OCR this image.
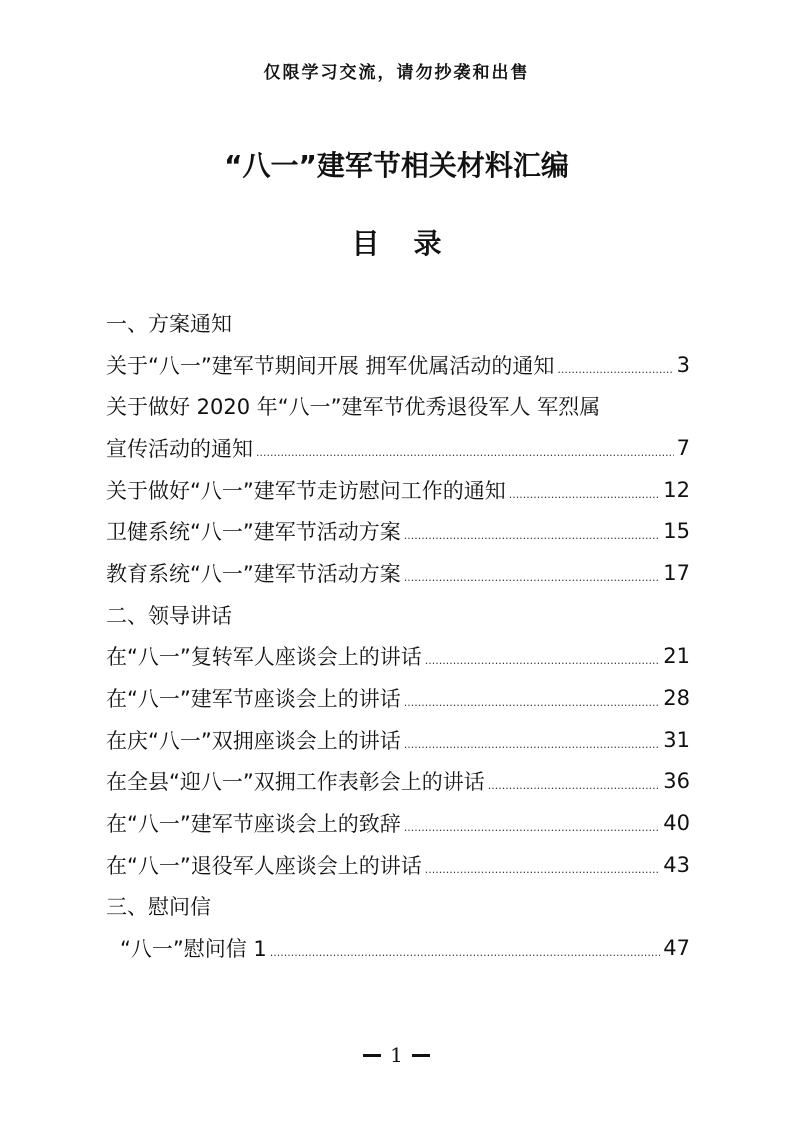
仅限学习交流，请勿抄袭和出售
“八一”建军节相关材料汇编
目录
一、方案通知
关于“八一”建军节期间开展 拥军优属活动的通知 .....	3
关于做好 2020 年“八一”建军节优秀退役军人 军烈属
宣传活动的通知 .....	7
关于做好“八一”建军节走访慰问工作的通知 .....	12
卫健系统“八一”建军节活动方案 .....	15
教育系统“八一”建军节活动方案 .....	17
二、领导讲话
在“八一”复转军人座谈会上的讲话 .....	21
在“八一”建军节座谈会上的讲话 .....	28
在庆“八一”双拥座谈会上的讲话 .....	31
在全县“迎八一”双拥工作表彰会上的讲话 .....	36
在“八一”建军节座谈会上的致辞 .....	40
在“八一”退役军人座谈会上的讲话 .....	43
三、慰问信
“八一”慰问信 1 .....	47
1
